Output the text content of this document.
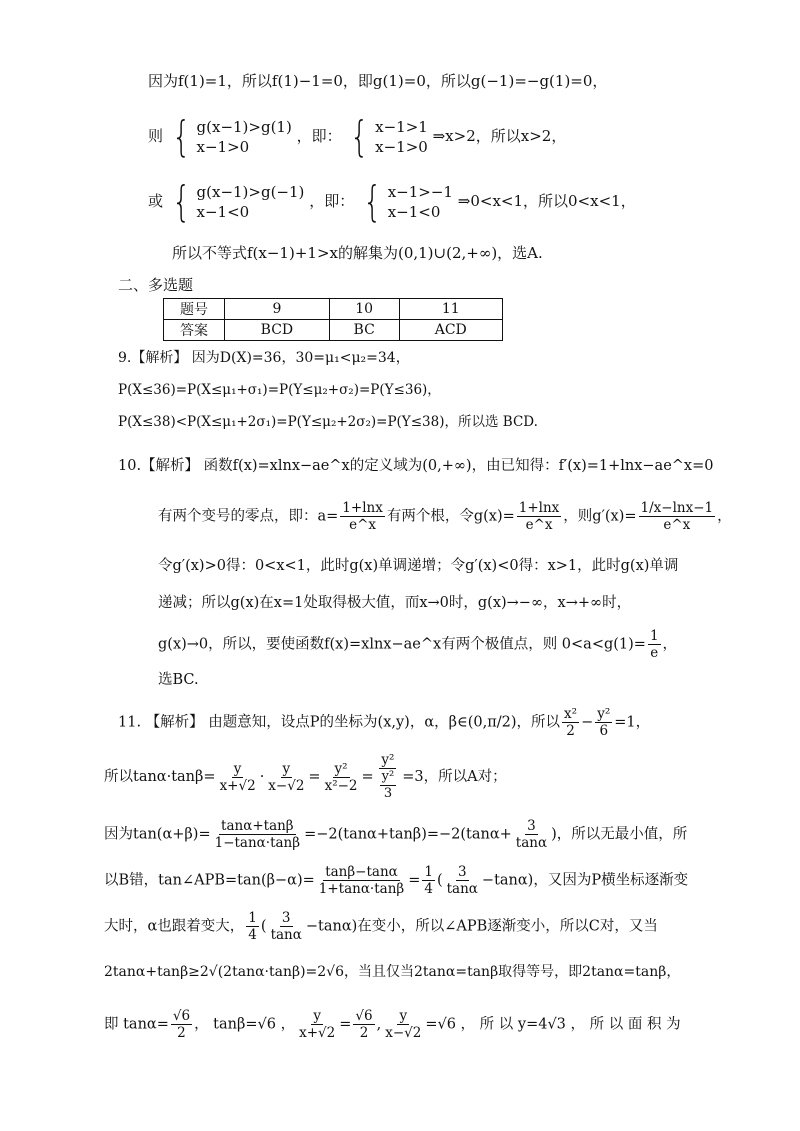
因为f(1)=1，所以f(1)−1=0，即g(1)=0，所以g(−1)=−g(1)=0，
则 { g(x−1)>g(1)
x−1>0
，即： { x−1>1
x−1>0
⇒x>2，所以x>2，
或 { g(x−1)>g(−1)
x−1<0
，即： { x−1>−1
x−1<0
⇒0<x<1，所以0<x<1，
所以不等式f(x−1)+1>x的解集为(0,1)∪(2,+∞)，选A.
二、多选题
题号	9	10	11
答案	BCD	BC	ACD
9.【解析】 因为D(X)=36，30=μ₁<μ₂=34，
P(X≤36)=P(X≤μ₁+σ₁)=P(Y≤μ₂+σ₂)=P(Y≤36)，
P(X≤38)<P(X≤μ₁+2σ₁)=P(Y≤μ₂+2σ₂)=P(Y≤38)，所以选 BCD.
10.【解析】 函数f(x)=xlnx−ae^x的定义域为(0,+∞)，由已知得：f′(x)=1+lnx−ae^x=0
有两个变号的零点，即：$a= \frac{1+\ln x}{e\^{}x}$ 有两个根，令$g(x)= \frac{1+\ln x}{e\^{}x}$ ，则$g'(x)= \frac{1/x-\ln x-1}{e\^{}x}$ ，
令g′(x)>0得：0<x<1，此时g(x)单调递增；令g′(x)<0得：x>1，此时g(x)单调
递减；所以g(x)在x=1处取得极大值，而x→0时，g(x)→−∞，x→+∞时，
g(x)→0，所以，要使函数f(x)=xlnx−ae^x有两个极值点，则 $0<a<g(1)= \frac{1}{e}$ ，
选BC.
11. 【解析】 由题意知，设点P的坐标为(x,y)，α，β∈(0,π/2)，所以 $\frac{\text{x²}}{2} - \frac{\text{y²}}{6} =1$，
所以$\tan\alpha\cdot\tan\beta= \frac{y}{x+√2} \cdot \frac{y}{x-√2} = \frac{\text{y²}}{\text{x²−2}} = \frac{\text{y²}}{\frac{\text{y²}}{3}} =3$，所以A对；
因为$\tan(\alpha+\beta)= \frac{\tan\alpha+\tan\beta}{1-\tan\alpha\cdot\tan\beta} =-2(\tan\alpha+\tan\beta)=-2(\tan\alpha+ \frac{3}{\tan\alpha}$ )，所以无最小值，所
以B错，tan∠APB=tan(β−α)= $\frac{\tan\beta-\tan\alpha}{1+\tan\alpha\cdot\tan\beta} = \frac{1}{4}$ ( $\frac{3}{\tan\alpha} -\tan\alpha$)，又因为P横坐标逐渐变
大时，α也跟着变大， $\frac{1}{4}$ ( $\frac{3}{\tan\alpha} -\tan\alpha$)在变小，所以∠APB逐渐变小，所以C对，又当
2tanα+tanβ≥2√(2tanα·tanβ)=2√6，当且仅当2tanα=tanβ取得等号，即2tanα=tanβ，
即 $\tan\alpha= \frac{√6}{2}$ ， tanβ=√6 ， $\frac{y}{x+√2} = \frac{√6}{2}$ , $\frac{y}{x-√2} =√6$ ， 所 以 y=4√3 ， 所 以 面 积 为
